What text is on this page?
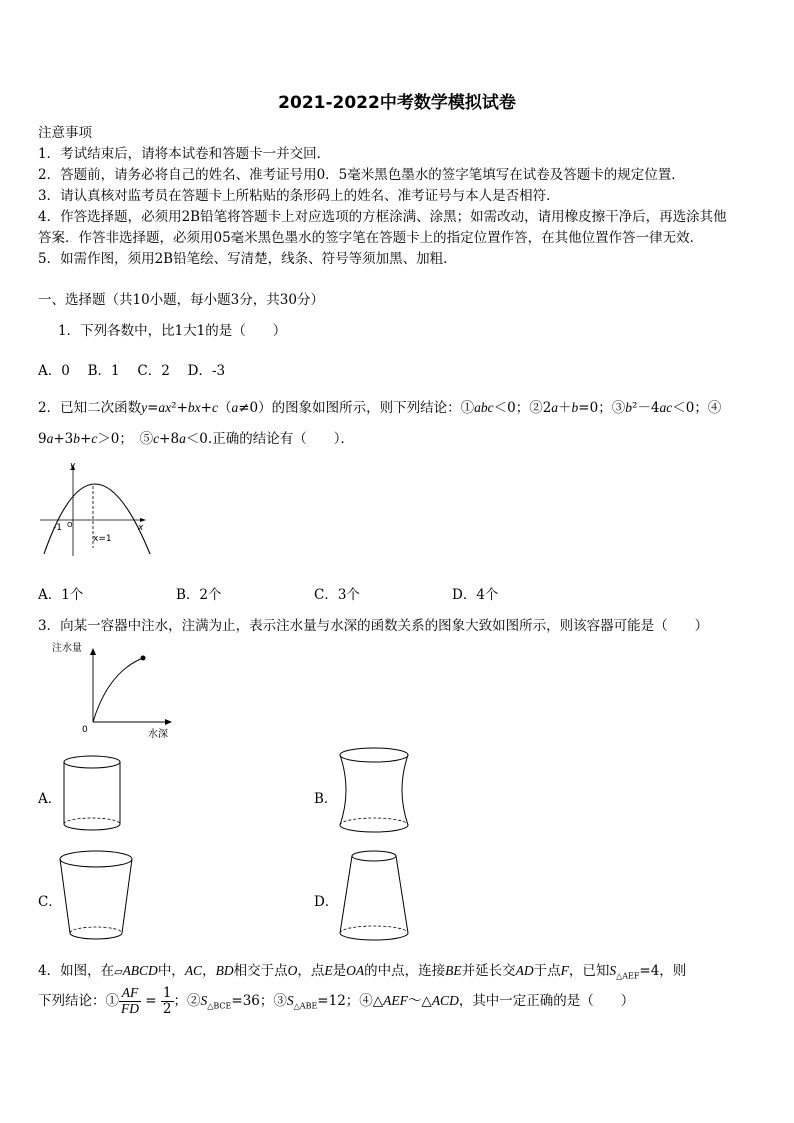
2021-2022中考数学模拟试卷
注意事项
1．考试结束后，请将本试卷和答题卡一并交回．
2．答题前，请务必将自己的姓名、准考证号用0．5毫米黑色墨水的签字笔填写在试卷及答题卡的规定位置．
3．请认真核对监考员在答题卡上所粘贴的条形码上的姓名、准考证号与本人是否相符．
4．作答选择题，必须用2B铅笔将答题卡上对应选项的方框涂满、涂黑；如需改动，请用橡皮擦干净后，再选涂其他
答案．作答非选择题，必须用05毫米黑色墨水的签字笔在答题卡上的指定位置作答，在其他位置作答一律无效．
5．如需作图，须用2B铅笔绘、写清楚，线条、符号等须加黑、加粗．
一、选择题（共10小题，每小题3分，共30分）
1．下列各数中，比1大1的是（　　）
A．0　 B．1　 C．2　 D．-3
2．已知二次函数y=ax²+bx+c（a≠0）的图象如图所示，则下列结论：①abc＜0；②2a＋b=0；③b²－4ac＜0；④
9a+3b+c＞0；　⑤c+8a＜0.正确的结论有（　　）．
y
x
-1 O
x=1
A．1个	B．2个	C．3个	D．4个
3．向某一容器中注水，注满为止，表示注水量与水深的函数关系的图象大致如图所示，则该容器可能是（　　）
注水量
水深
0
A．	B．
C．	D．
4．如图，在▱ABCD中，AC，BD相交于点O，点E是OA的中点，连接BE并延长交AD于点F，已知$S_{\triangle AEF}=4$，则
下列结论：① $\frac{AF}{FD} = \frac{1}{2}$ ；$②S_{\triangle BCE}=36$；$③S_{\triangle ABE}=12$；④△AEF～△ACD，其中一定正确的是（　　）
